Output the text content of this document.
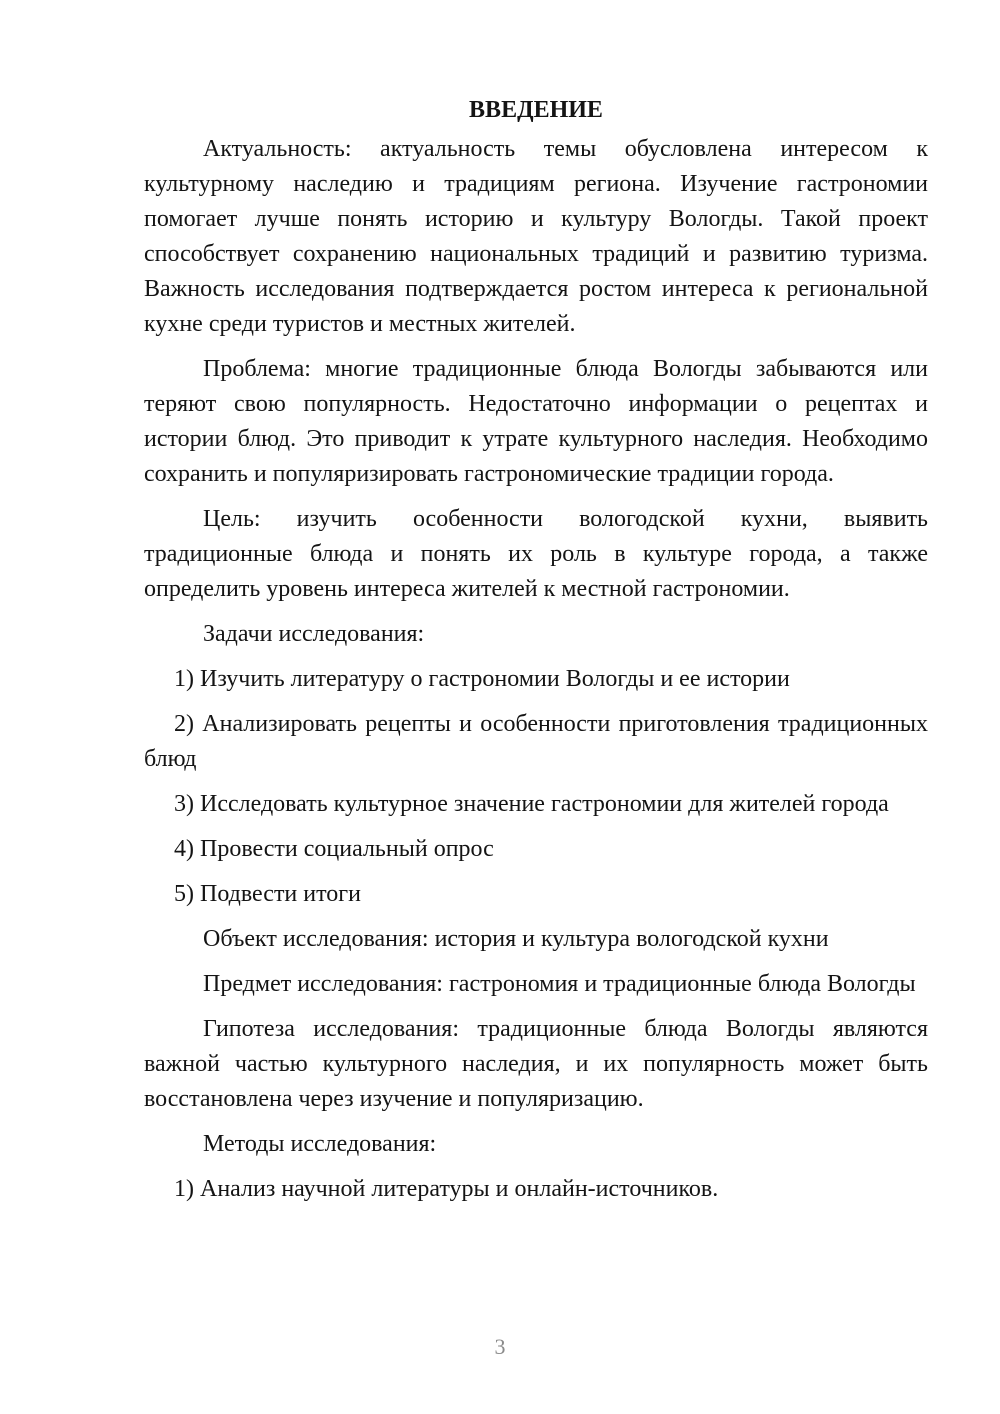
ВВЕДЕНИЕ

Актуальность: актуальность темы обусловлена интересом к культурному наследию и традициям региона. Изучение гастрономии помогает лучше понять историю и культуру Вологды. Такой проект способствует сохранению национальных традиций и развитию туризма. Важность исследования подтверждается ростом интереса к региональной кухне среди туристов и местных жителей.

Проблема: многие традиционные блюда Вологды забываются или теряют свою популярность. Недостаточно информации о рецептах и истории блюд. Это приводит к утрате культурного наследия. Необходимо сохранить и популяризировать гастрономические традиции города.

Цель: изучить особенности вологодской кухни, выявить традиционные блюда и понять их роль в культуре города, а также определить уровень интереса жителей к местной гастрономии.

Задачи исследования:

1) Изучить литературу о гастрономии Вологды и ее истории

2) Анализировать рецепты и особенности приготовления традиционных блюд

3) Исследовать культурное значение гастрономии для жителей города

4) Провести социальный опрос

5) Подвести итоги

Объект исследования: история и культура вологодской кухни

Предмет исследования: гастрономия и традиционные блюда Вологды

Гипотеза исследования: традиционные блюда Вологды являются важной частью культурного наследия, и их популярность может быть восстановлена через изучение и популяризацию.

Методы исследования:

1) Анализ научной литературы и онлайн-источников.

3
